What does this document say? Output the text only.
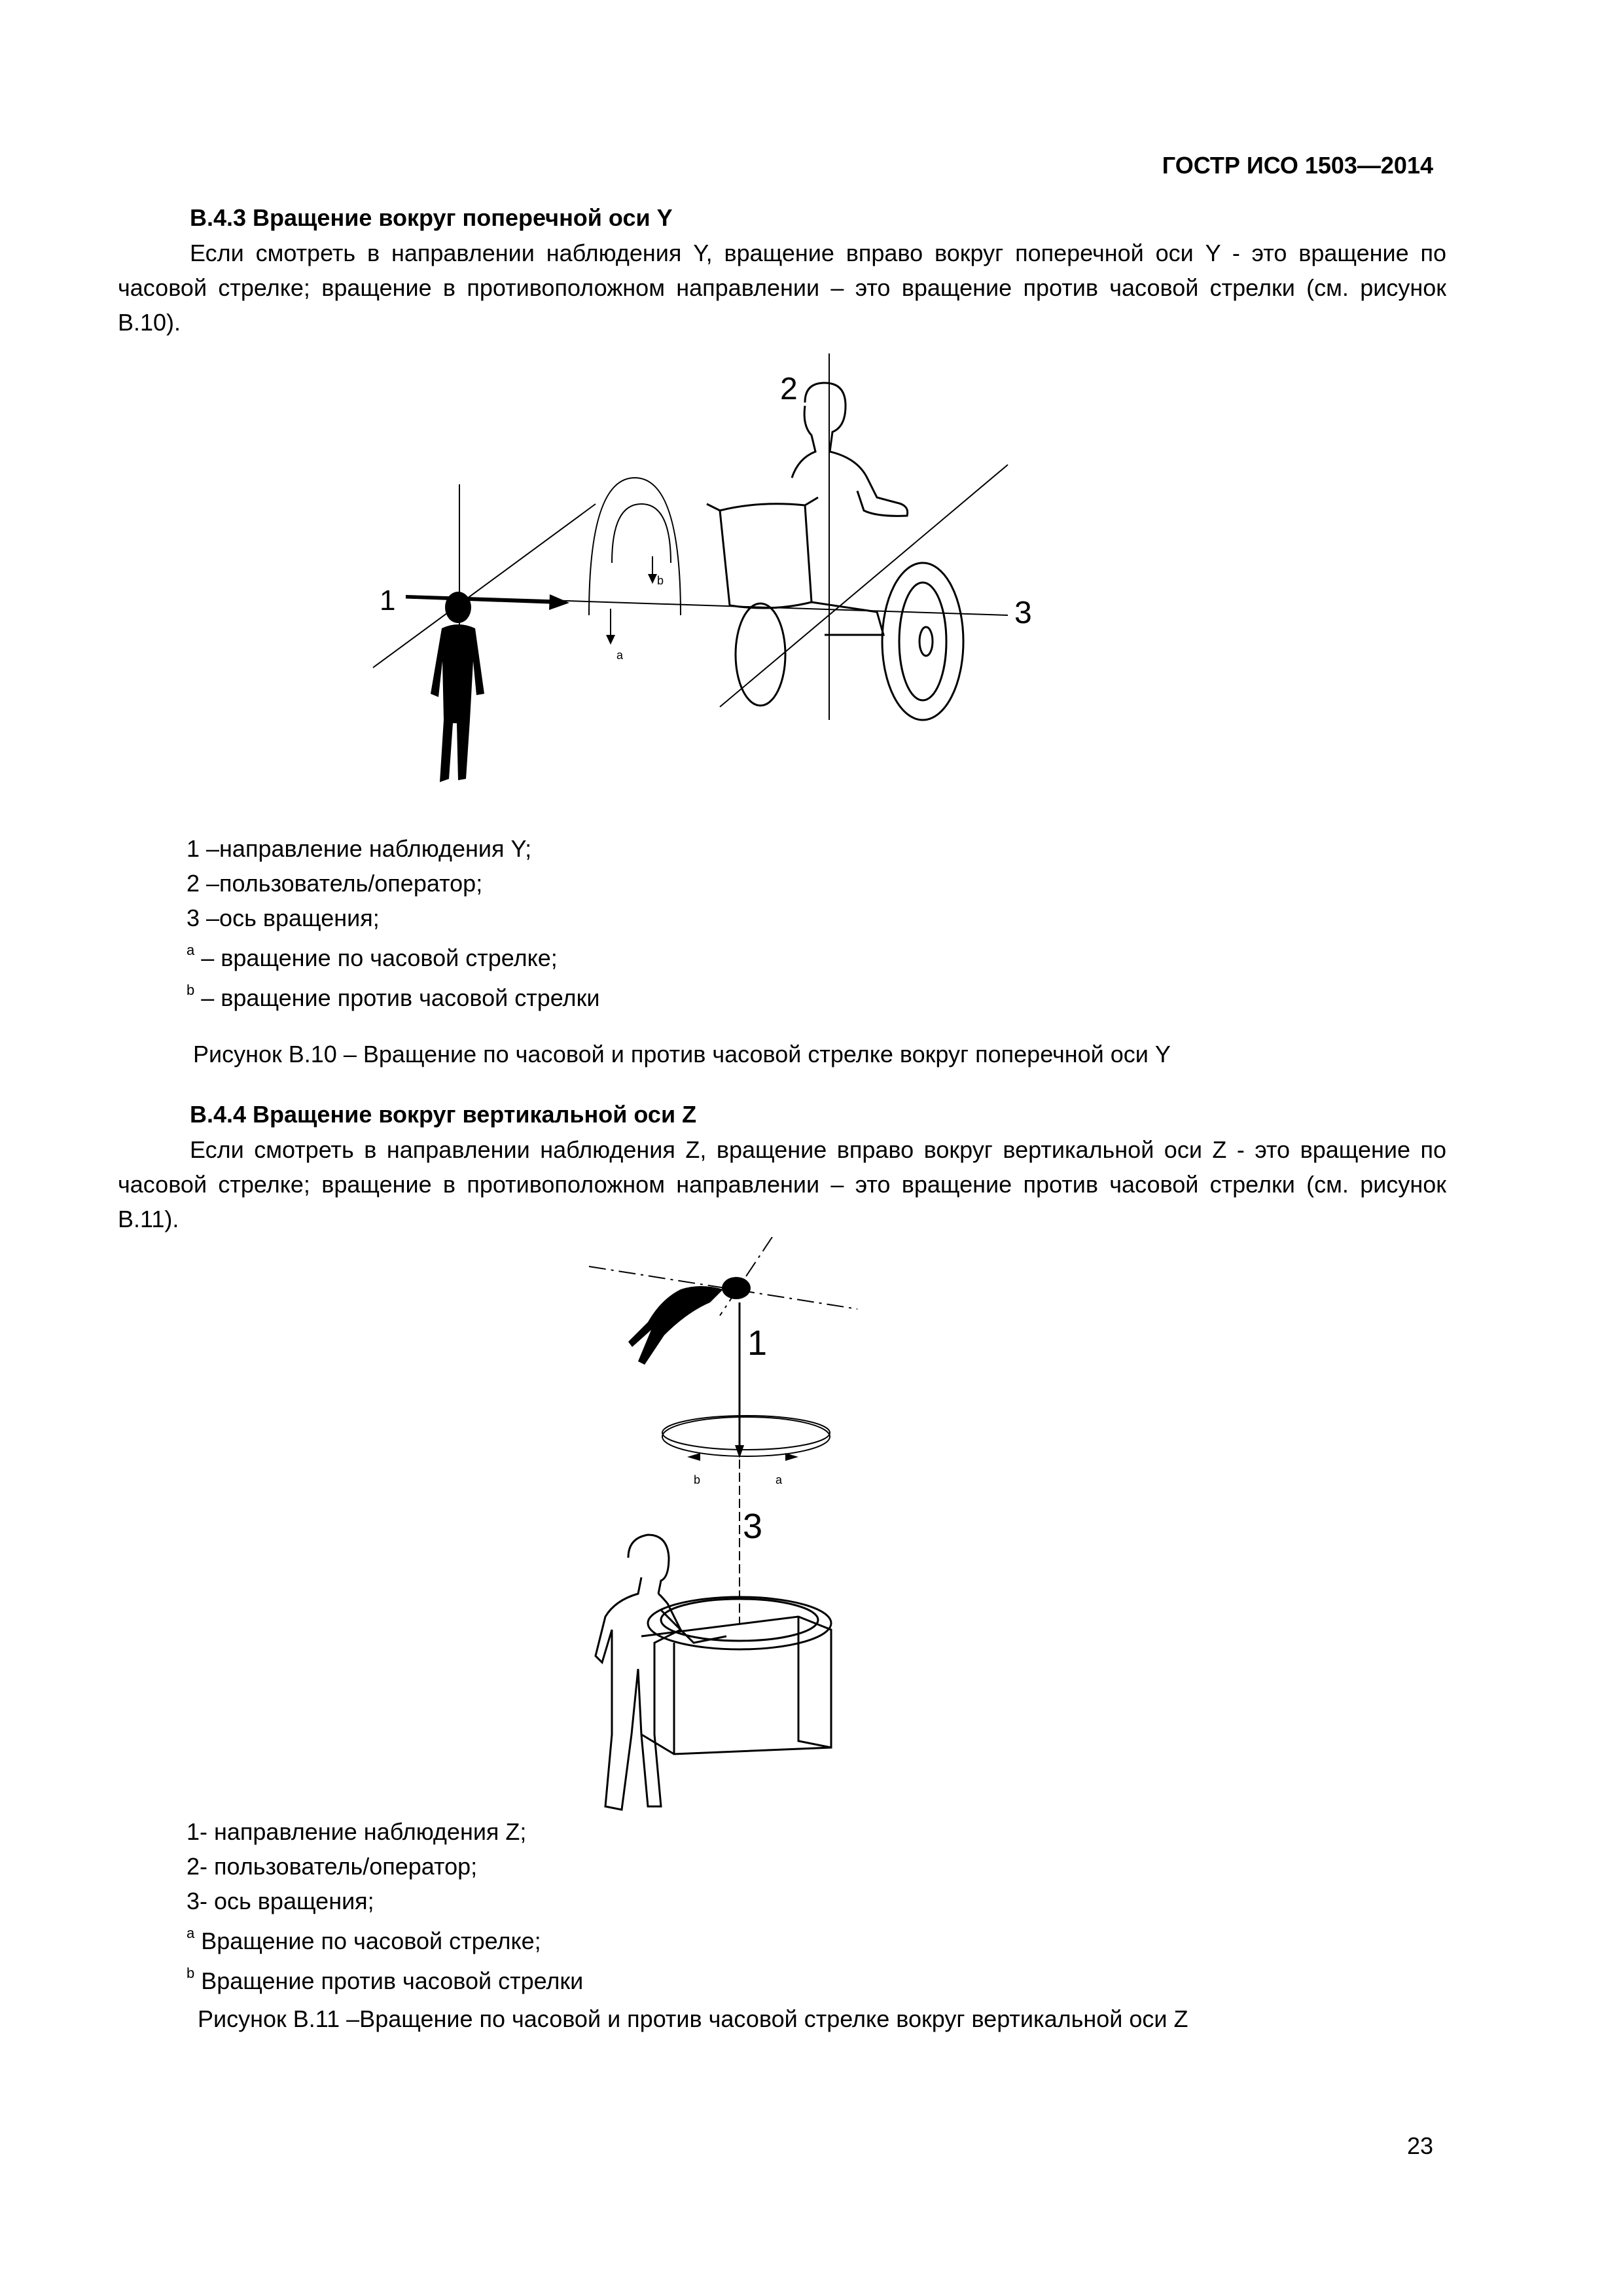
ГОСТР ИСО 1503—2014
В.4.3 Вращение вокруг поперечной оси Y

Если смотреть в направлении наблюдения Y, вращение вправо вокруг поперечной оси Y - это вращение по часовой стрелке; вращение в противоположном направлении – это вращение против часовой стрелки (см. рисунок В.10).

1
2
3
a
b
1 –направление наблюдения Y;
2 –пользователь/оператор;
3 –ось вращения;
$^a$ – вращение по часовой стрелке;
$^b$ – вращение против часовой стрелки
Рисунок В.10 – Вращение по часовой и против часовой стрелке вокруг поперечной оси Y
В.4.4 Вращение вокруг вертикальной оси Z

Если смотреть в направлении наблюдения Z, вращение вправо вокруг вертикальной оси Z - это вращение по часовой стрелке; вращение в противоположном направлении – это вращение против часовой стрелки (см. рисунок В.11).

1
3
b	a
1- направление наблюдения Z;
2- пользователь/оператор;
3- ось вращения;
$^a$ Вращение по часовой стрелке;
$^b$ Вращение против часовой стрелки
Рисунок В.11 –Вращение по часовой и против часовой стрелке вокруг вертикальной оси Z
23
